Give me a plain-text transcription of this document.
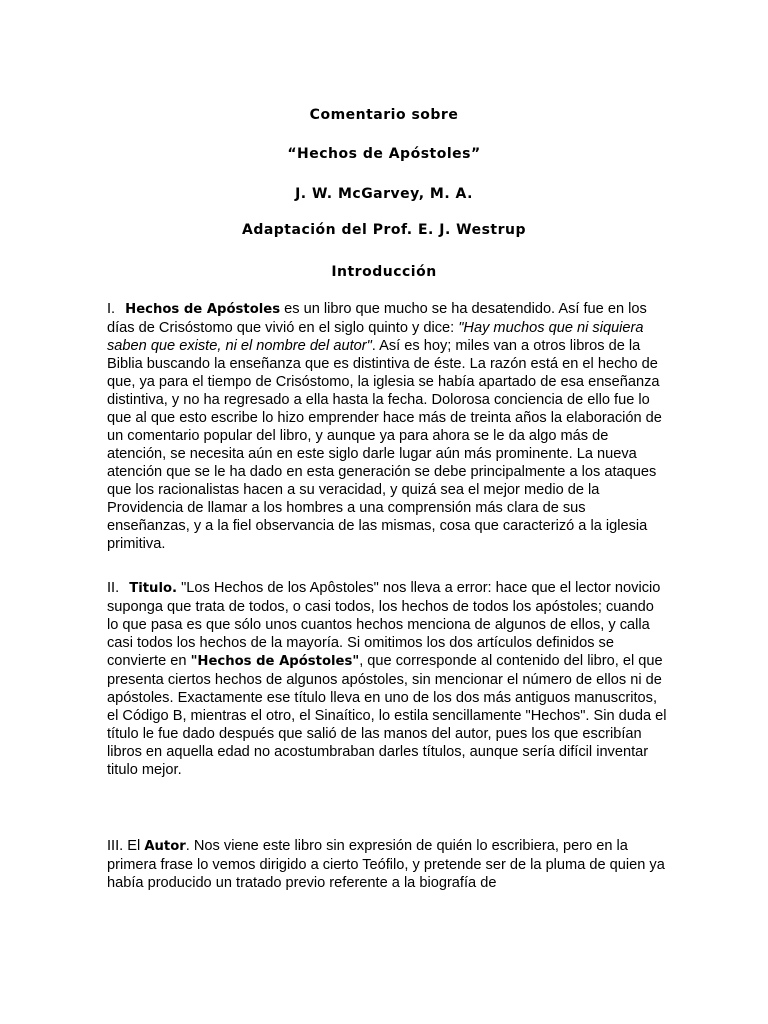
Comentario sobre
“Hechos de Apóstoles”
J. W. McGarvey, M. A.
Adaptación del Prof. E. J. Westrup
Introducción
I. Hechos de Apóstoles es un libro que mucho se ha desatendido. Así fue en los días de Crisóstomo que vivió en el siglo quinto y dice: "Hay muchos que ni siquiera saben que existe, ni el nombre del autor". Así es hoy; miles van a otros libros de la Biblia buscando la enseñanza que es distintiva de éste. La razón está en el hecho de que, ya para el tiempo de Crisóstomo, la iglesia se había apartado de esa enseñanza distintiva, y no ha regresado a ella hasta la fecha. Dolorosa conciencia de ello fue lo que al que esto escribe lo hizo emprender hace más de treinta años la elaboración de un comentario popular del libro, y aunque ya para ahora se le da algo más de atención, se necesita aún en este siglo darle lugar aún más prominente. La nueva atención que se le ha dado en esta generación se debe principalmente a los ataques que los racionalistas hacen a su veracidad, y quizá sea el mejor medio de la Providencia de llamar a los hombres a una comprensión más clara de sus enseñanzas, y a la fiel observancia de las mismas, cosa que caracterizó a la iglesia primitiva.
II. Titulo. "Los Hechos de los Apôstoles" nos lleva a error: hace que el lector novicio suponga que trata de todos, o casi todos, los hechos de todos los apóstoles; cuando lo que pasa es que sólo unos cuantos hechos menciona de algunos de ellos, y calla casi todos los hechos de la mayoría. Si omitimos los dos artículos definidos se convierte en "Hechos de Apóstoles", que corresponde al contenido del libro, el que presenta ciertos hechos de algunos apóstoles, sin mencionar el número de ellos ni de apóstoles. Exactamente ese título lleva en uno de los dos más antiguos manuscritos, el Código B, mientras el otro, el Sinaítico, lo estila sencillamente "Hechos". Sin duda el título le fue dado después que salió de las manos del autor, pues los que escribían libros en aquella edad no acostumbraban darles títulos, aunque sería difícil inventar titulo mejor.
III. El Autor. Nos viene este libro sin expresión de quién lo escribiera, pero en la primera frase lo vemos dirigido a cierto Teófilo, y pretende ser de la pluma de quien ya había producido un tratado previo referente a la biografía de
